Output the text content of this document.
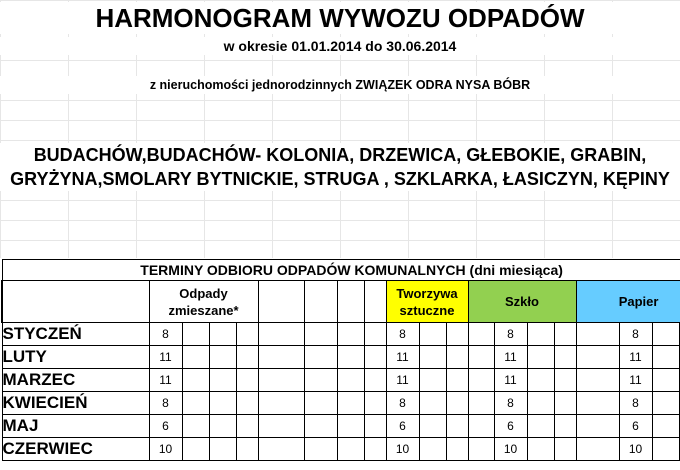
HARMONOGRAM WYWOZU ODPADÓW
w okresie 01.01.2014 do 30.06.2014
z nieruchomości jednorodzinnych ZWIĄZEK ODRA NYSA BÓBR
BUDACHÓW,BUDACHÓW- KOLONIA, DRZEWICA, GŁEBOKIE, GRABIN, GRYŻYNA,SMOLARY BYTNICKIE, STRUGA , SZKLARKA, ŁASICZYN, KĘPINY
TERMINY ODBIORU ODPADÓW KOMUNALNYCH (dni miesiąca)																			
	Odpady zmieszane*								Tworzywa sztuczne			Szkło				Papier			
STYCZEŃ	8								8				8				8		
LUTY	11								11				11				11		
MARZEC	11								11				11				11		
KWIECIEŃ	8								8				8				8		
MAJ	6								6				6				6		
CZERWIEC	10								10				10				10		
